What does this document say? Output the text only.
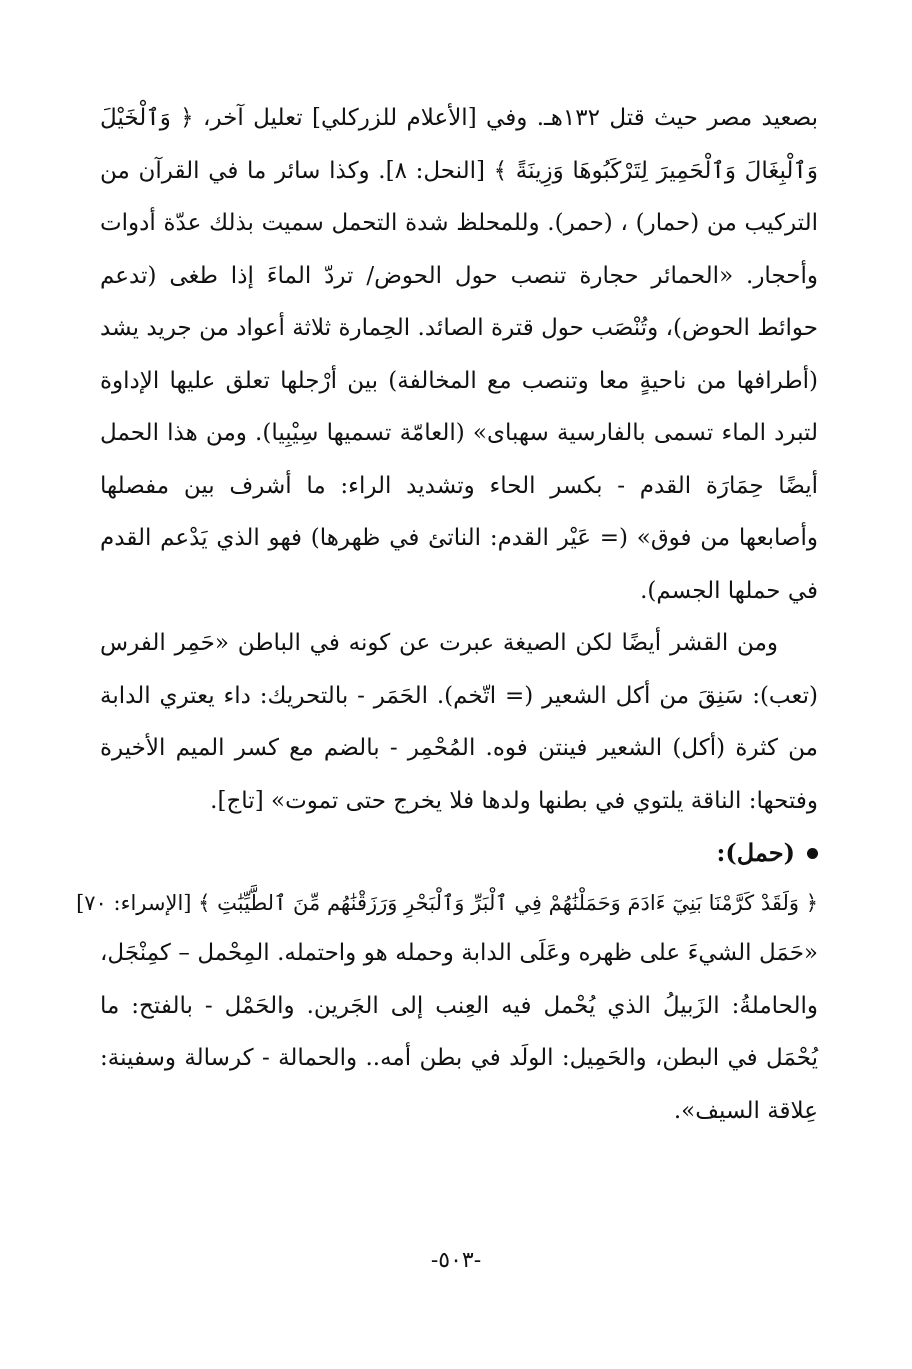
بصعيد مصر حيث قتل ١٣٢هـ. وفي [الأعلام للزركلي] تعليل آخر، ﴿ وَٱلْخَيْلَ وَٱلْبِغَالَ وَٱلْحَمِيرَ لِتَرْكَبُوهَا وَزِينَةً ﴾ [النحل: ٨]. وكذا سائر ما في القرآن من التركيب من (حمار) ، (حمر). وللمحلظ شدة التحمل سميت بذلك عدّة أدوات وأحجار. «الحمائر حجارة تنصب حول الحوض/ تردّ الماءَ إذا طغى (تدعم حوائط الحوض)، وتُنْصَب حول قترة الصائد. الحِمارة ثلاثة أعواد من جريد يشد (أطرافها من ناحيةٍ معا وتنصب مع المخالفة) بين أرْجلها تعلق عليها الإداوة لتبرد الماء تسمى بالفارسية سهباى» (العامّة تسميها سِيْبِيا). ومن هذا الحمل أيضًا حِمَارَة القدم - بكسر الحاء وتشديد الراء: ما أشرف بين مفصلها وأصابعها من فوق» (= عَيْر القدم: الناتئ في ظهرها) فهو الذي يَدْعم القدم في حملها الجسم).

ومن القشر أيضًا لكن الصيغة عبرت عن كونه في الباطن «حَمِر الفرس (تعب): سَنِقَ من أكل الشعير (= اتّخم). الحَمَر - بالتحريك: داء يعتري الدابة من كثرة (أكل) الشعير فينتن فوه. المُحْمِر - بالضم مع كسر الميم الأخيرة وفتحها: الناقة يلتوي في بطنها ولدها فلا يخرج حتى تموت» [تاج].

(حمل):

﴿ وَلَقَدْ كَرَّمْنَا بَنِيٓ ءَادَمَ وَحَمَلْنَٰهُمْ فِي ٱلْبَرِّ وَٱلْبَحْرِ وَرَزَقْنَٰهُم مِّنَ ٱلطَّيِّبَٰتِ ﴾ [الإسراء: ٧٠]

«حَمَل الشيءَ على ظهره وعَلَى الدابة وحمله هو واحتمله. المِحْمل – كمِنْجَل، والحاملةُ: الزَبيلُ الذي يُحْمل فيه العِنب إلى الجَرين. والحَمْل - بالفتح: ما يُحْمَل في البطن، والحَمِيل: الولَد في بطن أمه.. والحمالة - كرسالة وسفينة: عِلاقة السيف».

-٥٠٣-
